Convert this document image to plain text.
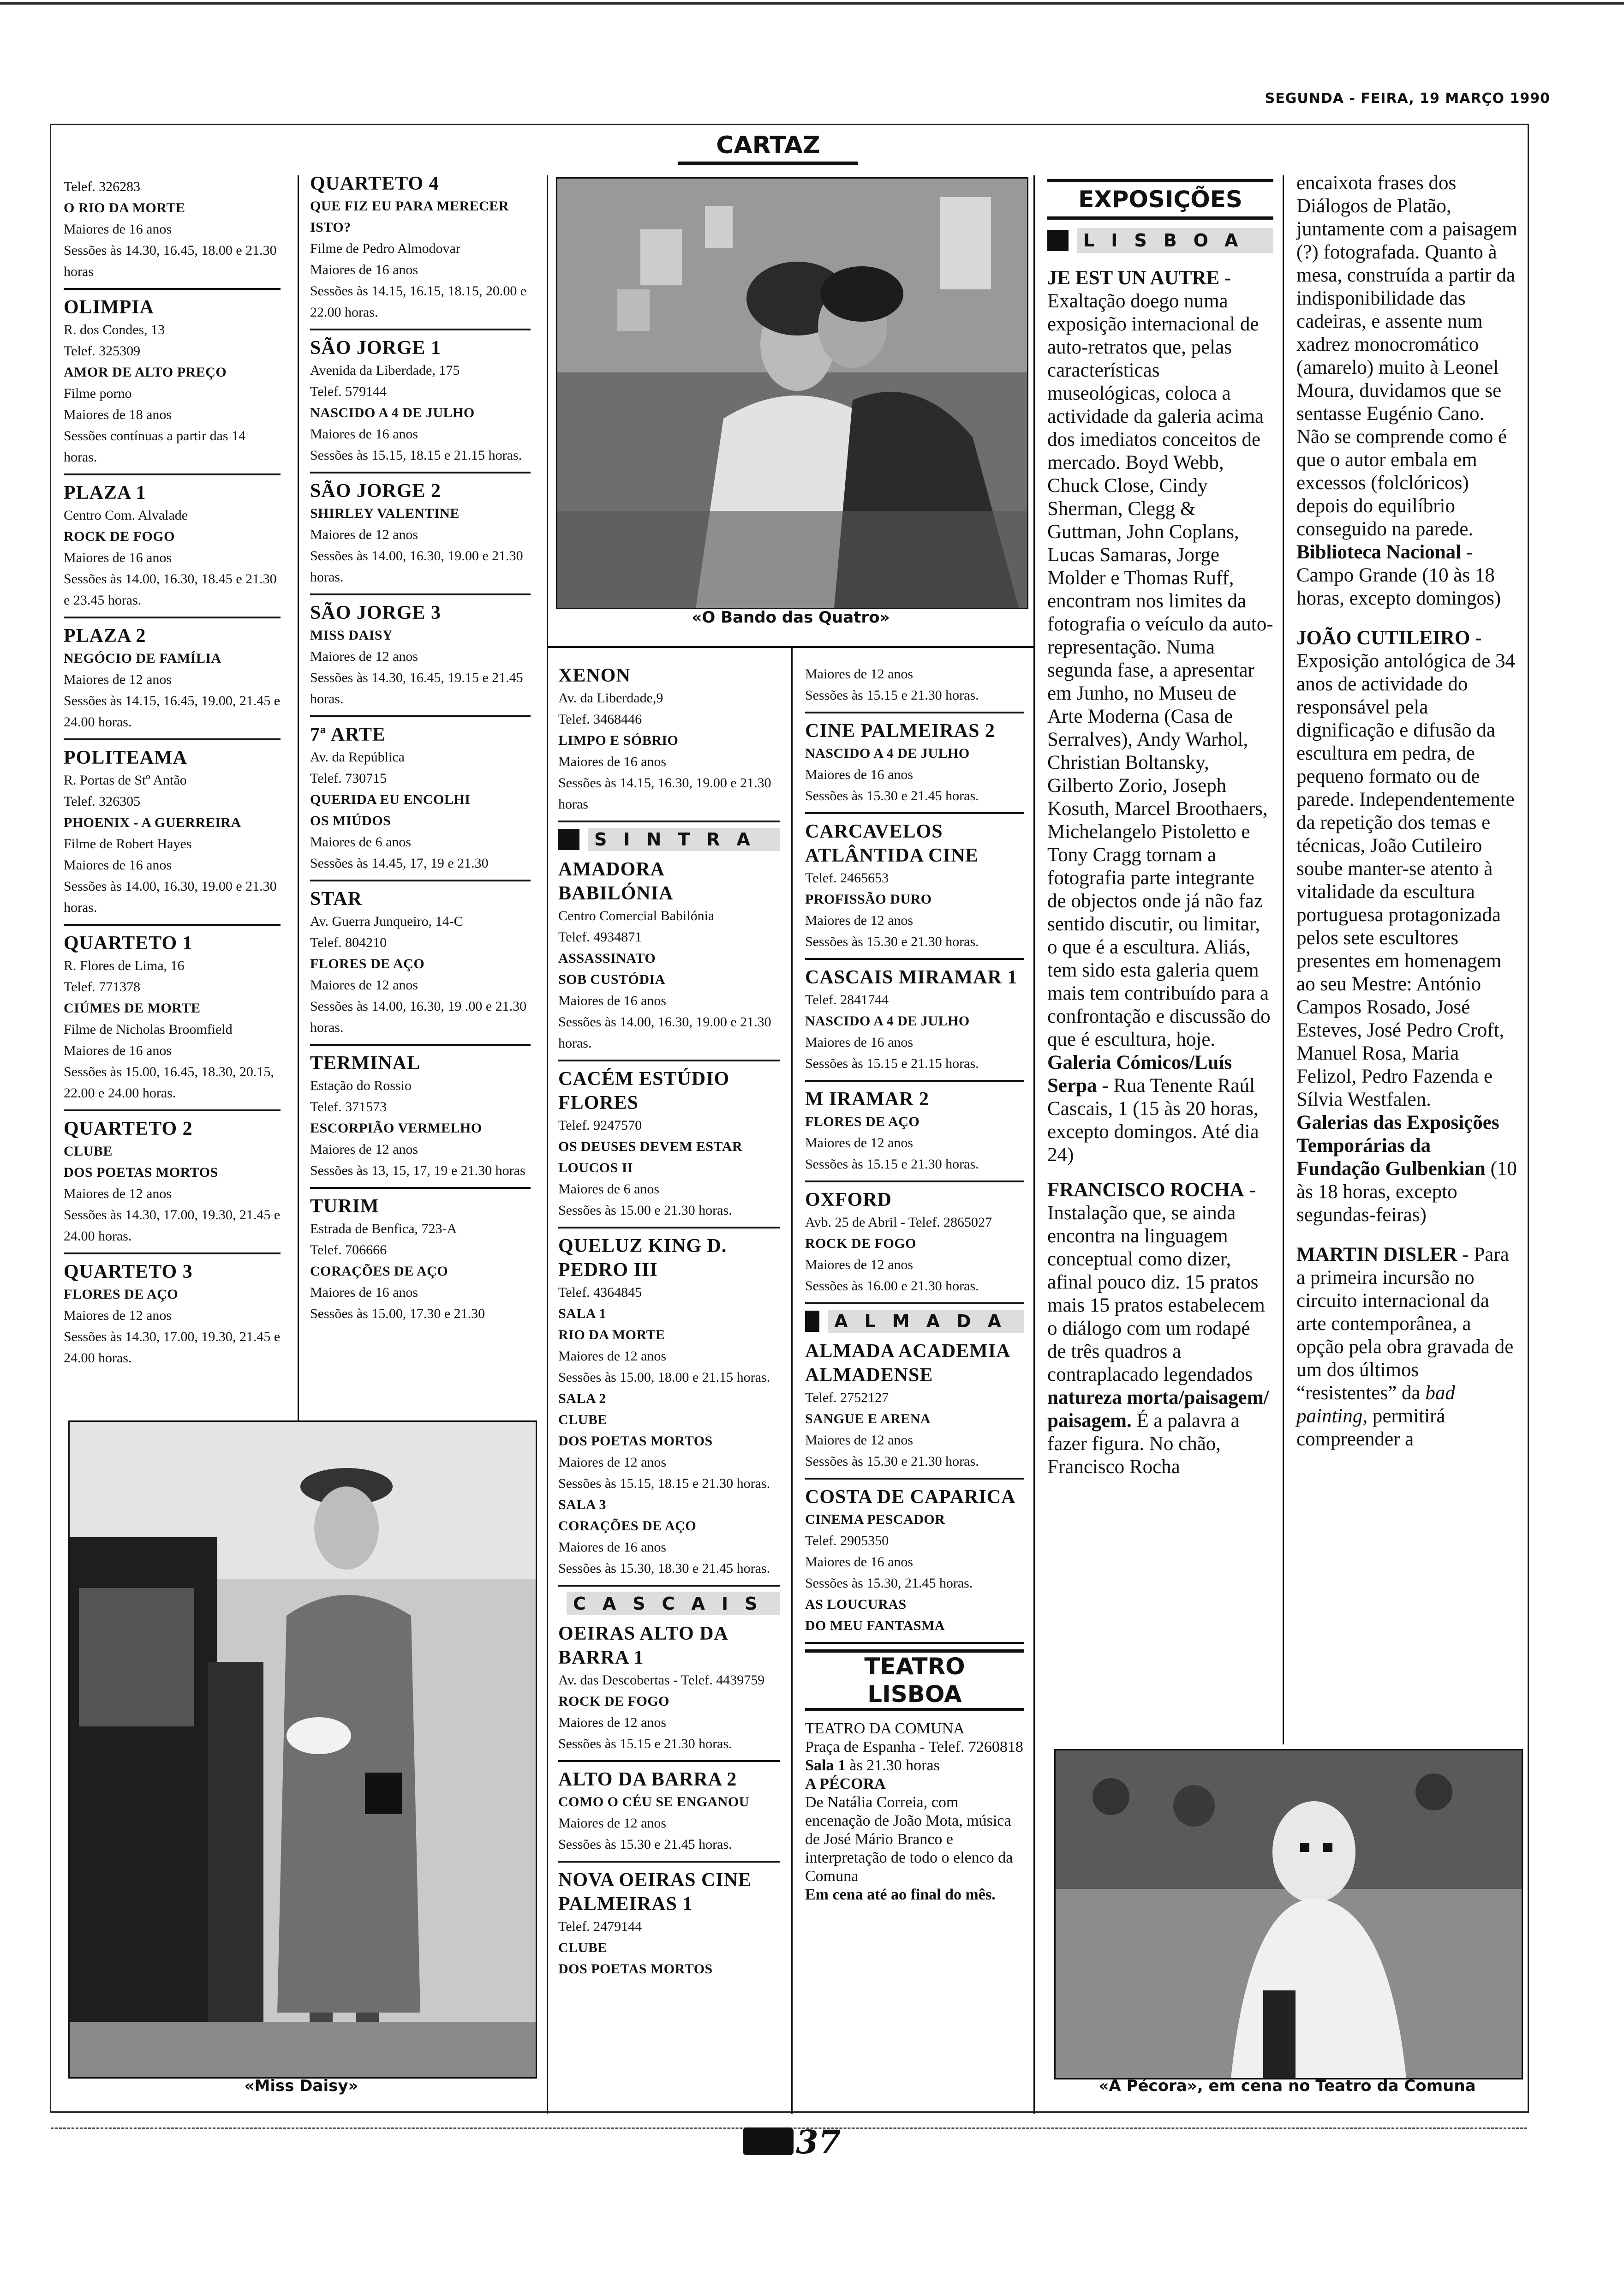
SEGUNDA - FEIRA, 19 MARÇO 1990
CARTAZ
Telef. 326283
O RIO DA MORTE
Maiores de 16 anos
Sessões às 14.30, 16.45, 18.00 e 21.30 horas
OLIMPIA
R. dos Condes, 13
Telef. 325309
AMOR DE ALTO PREÇO
Filme porno
Maiores de 18 anos
Sessões contínuas a partir das 14 horas.
PLAZA 1
Centro Com. Alvalade
ROCK DE FOGO
Maiores de 16 anos
Sessões às 14.00, 16.30, 18.45 e 21.30 e 23.45 horas.
PLAZA 2
NEGÓCIO DE FAMÍLIA
Maiores de 12 anos
Sessões às 14.15, 16.45, 19.00, 21.45 e 24.00 horas.
POLITEAMA
R. Portas de Stº Antão
Telef. 326305
PHOENIX - A GUERREIRA
Filme de Robert Hayes
Maiores de 16 anos
Sessões às 14.00, 16.30, 19.00 e 21.30 horas.
QUARTETO 1
R. Flores de Lima, 16
Telef. 771378
CIÚMES DE MORTE
Filme de Nicholas Broomfield
Maiores de 16 anos
Sessões às 15.00, 16.45, 18.30, 20.15, 22.00 e 24.00 horas.
QUARTETO 2
CLUBE
DOS POETAS MORTOS
Maiores de 12 anos
Sessões às 14.30, 17.00, 19.30, 21.45 e 24.00 horas.
QUARTETO 3
FLORES DE AÇO
Maiores de 12 anos
Sessões às 14.30, 17.00, 19.30, 21.45 e 24.00 horas.
QUARTETO 4
QUE FIZ EU PARA MERECER ISTO?
Filme de Pedro Almodovar
Maiores de 16 anos
Sessões às 14.15, 16.15, 18.15, 20.00 e 22.00 horas.
SÃO JORGE 1
Avenida da Liberdade, 175
Telef. 579144
NASCIDO A 4 DE JULHO
Maiores de 16 anos
Sessões às 15.15, 18.15 e 21.15 horas.
SÃO JORGE 2
SHIRLEY VALENTINE
Maiores de 12 anos
Sessões às 14.00, 16.30, 19.00 e 21.30 horas.
SÃO JORGE 3
MISS DAISY
Maiores de 12 anos
Sessões às 14.30, 16.45, 19.15 e 21.45 horas.
7ª ARTE
Av. da República
Telef. 730715
QUERIDA EU ENCOLHI
OS MIÚDOS
Maiores de 6 anos
Sessões às 14.45, 17, 19 e 21.30
STAR
Av. Guerra Junqueiro, 14-C
Telef. 804210
FLORES DE AÇO
Maiores de 12 anos
Sessões às 14.00, 16.30, 19 .00 e 21.30 horas.
TERMINAL
Estação do Rossio
Telef. 371573
ESCORPIÃO VERMELHO
Maiores de 12 anos
Sessões às 13, 15, 17, 19 e 21.30 horas
TURIM
Estrada de Benfica, 723-A
Telef. 706666
CORAÇÕES DE AÇO
Maiores de 16 anos
Sessões às 15.00, 17.30 e 21.30
«O Bando das Quatro»
XENON
Av. da Liberdade,9
Telef. 3468446
LIMPO E SÓBRIO
Maiores de 16 anos
Sessões às 14.15, 16.30, 19.00 e 21.30 horas
SINTRA
AMADORA BABILÓNIA
Centro Comercial Babilónia
Telef. 4934871
ASSASSINATO
SOB CUSTÓDIA
Maiores de 16 anos
Sessões às 14.00, 16.30, 19.00 e 21.30 horas.
CACÉM ESTÚDIO FLORES
Telef. 9247570
OS DEUSES DEVEM ESTAR
LOUCOS II
Maiores de 6 anos
Sessões às 15.00 e 21.30 horas.
QUELUZ KING D. PEDRO III
Telef. 4364845
SALA 1
RIO DA MORTE
Maiores de 12 anos
Sessões às 15.00, 18.00 e 21.15 horas.
SALA 2
CLUBE
DOS POETAS MORTOS
Maiores de 12 anos
Sessões às 15.15, 18.15 e 21.30 horas.
SALA 3
CORAÇÕES DE AÇO
Maiores de 16 anos
Sessões às 15.30, 18.30 e 21.45 horas.
CASCAIS
OEIRAS ALTO DA BARRA 1
Av. das Descobertas - Telef. 4439759
ROCK DE FOGO
Maiores de 12 anos
Sessões às 15.15 e 21.30 horas.
ALTO DA BARRA 2
COMO O CÉU SE ENGANOU
Maiores de 12 anos
Sessões às 15.30 e 21.45 horas.
NOVA OEIRAS CINE PALMEIRAS 1
Telef. 2479144
CLUBE
DOS POETAS MORTOS
Maiores de 12 anos
Sessões às 15.15 e 21.30 horas.
CINE PALMEIRAS 2
NASCIDO A 4 DE JULHO
Maiores de 16 anos
Sessões às 15.30 e 21.45 horas.
CARCAVELOS ATLÂNTIDA CINE
Telef. 2465653
PROFISSÃO DURO
Maiores de 12 anos
Sessões às 15.30 e 21.30 horas.
CASCAIS MIRAMAR 1
Telef. 2841744
NASCIDO A 4 DE JULHO
Maiores de 16 anos
Sessões às 15.15 e 21.15 horas.
M IRAMAR 2
FLORES DE AÇO
Maiores de 12 anos
Sessões às 15.15 e 21.30 horas.
OXFORD
Avb. 25 de Abril - Telef. 2865027
ROCK DE FOGO
Maiores de 12 anos
Sessões às 16.00 e 21.30 horas.
ALMADA
ALMADA ACADEMIA ALMADENSE
Telef. 2752127
SANGUE E ARENA
Maiores de 12 anos
Sessões às 15.30 e 21.30 horas.
COSTA DE CAPARICA
CINEMA PESCADOR
Telef. 2905350
Maiores de 16 anos
Sessões às 15.30, 21.45 horas.
AS LOUCURAS
DO MEU FANTASMA
TEATRO
LISBOA
TEATRO DA COMUNA
Praça de Espanha - Telef. 7260818
Sala 1 às 21.30 horas
A PÉCORA
De Natália Correia, com encenação de João Mota, música de José Mário Branco e interpretação de todo o elenco da Comuna
Em cena até ao final do mês.
«Miss Daisy»
EXPOSIÇÕES
LISBOA
JE EST UN AUTRE - Exaltação doego numa exposição internacional de auto-retratos que, pelas características museológicas, coloca a actividade da galeria acima dos imediatos conceitos de mercado. Boyd Webb, Chuck Close, Cindy Sherman, Clegg & Guttman, John Coplans, Lucas Samaras, Jorge Molder e Thomas Ruff, encontram nos limites da fotografia o veículo da auto-representação. Numa segunda fase, a apresentar em Junho, no Museu de Arte Moderna (Casa de Serralves), Andy Warhol, Christian Boltansky, Gilberto Zorio, Joseph Kosuth, Marcel Broothaers, Michelangelo Pistoletto e Tony Cragg tornam a fotografia parte integrante de objectos onde já não faz sentido discutir, ou limitar, o que é a escultura. Aliás, tem sido esta galeria quem mais tem contribuído para a confrontação e discussão do que é escultura, hoje. Galeria Cómicos/Luís Serpa - Rua Tenente Raúl Cascais, 1 (15 às 20 horas, excepto domingos. Até dia 24)
FRANCISCO ROCHA - Instalação que, se ainda encontra na linguagem conceptual como dizer, afinal pouco diz. 15 pratos mais 15 pratos estabelecem o diálogo com um rodapé de três quadros a contraplacado legendados natureza morta/paisagem/ paisagem. É a palavra a fazer figura. No chão, Francisco Rocha
encaixota frases dos Diálogos de Platão, juntamente com a paisagem (?) fotografada. Quanto à mesa, construída a partir da indisponibilidade das cadeiras, e assente num xadrez monocromático (amarelo) muito à Leonel Moura, duvidamos que se sentasse Eugénio Cano. Não se comprende como é que o autor embala em excessos (folclóricos) depois do equilíbrio conseguido na parede. Biblioteca Nacional - Campo Grande (10 às 18 horas, excepto domingos)
JOÃO CUTILEIRO - Exposição antológica de 34 anos de actividade do responsável pela dignificação e difusão da escultura em pedra, de pequeno formato ou de parede. Independentemente da repetição dos temas e técnicas, João Cutileiro soube manter-se atento à vitalidade da escultura portuguesa protagonizada pelos sete escultores presentes em homenagem ao seu Mestre: António Campos Rosado, José Esteves, José Pedro Croft, Manuel Rosa, Maria Felizol, Pedro Fazenda e Sílvia Westfalen.
Galerias das Exposições Temporárias da Fundação Gulbenkian (10 às 18 horas, excepto segundas-feiras)
MARTIN DISLER - Para a primeira incursão no circuito internacional da arte contemporânea, a opção pela obra gravada de um dos últimos “resistentes” da bad painting, permitirá compreender a
«A Pécora», em cena no Teatro da Comuna
37
